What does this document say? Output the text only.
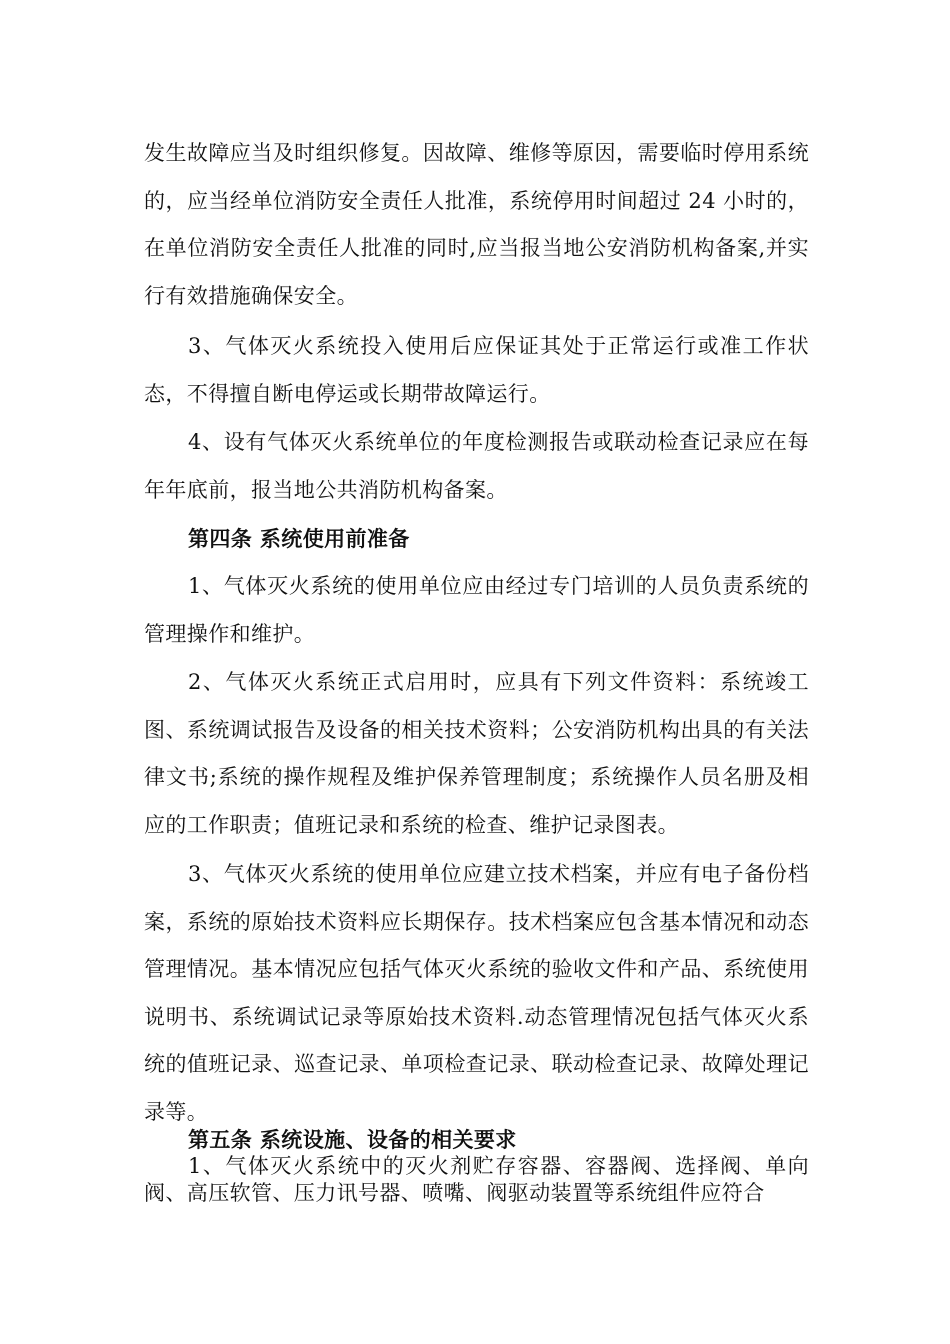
发生故障应当及时组织修复。因故障、维修等原因，需要临时停用系统的，应当经单位消防安全责任人批准，系统停用时间超过 24 小时的，在单位消防安全责任人批准的同时,应当报当地公安消防机构备案,并实行有效措施确保安全。

3、气体灭火系统投入使用后应保证其处于正常运行或准工作状态，不得擅自断电停运或长期带故障运行。

4、设有气体灭火系统单位的年度检测报告或联动检查记录应在每年年底前，报当地公共消防机构备案。

第四条 系统使用前准备

1、气体灭火系统的使用单位应由经过专门培训的人员负责系统的管理操作和维护。

2、气体灭火系统正式启用时，应具有下列文件资料：系统竣工图、系统调试报告及设备的相关技术资料；公安消防机构出具的有关法律文书;系统的操作规程及维护保养管理制度；系统操作人员名册及相应的工作职责；值班记录和系统的检查、维护记录图表。

3、气体灭火系统的使用单位应建立技术档案，并应有电子备份档案，系统的原始技术资料应长期保存。技术档案应包含基本情况和动态管理情况。基本情况应包括气体灭火系统的验收文件和产品、系统使用说明书、系统调试记录等原始技术资料.动态管理情况包括气体灭火系统的值班记录、巡查记录、单项检查记录、联动检查记录、故障处理记录等。

第五条 系统设施、设备的相关要求

1、气体灭火系统中的灭火剂贮存容器、容器阀、选择阀、单向阀、高压软管、压力讯号器、喷嘴、阀驱动装置等系统组件应符合
